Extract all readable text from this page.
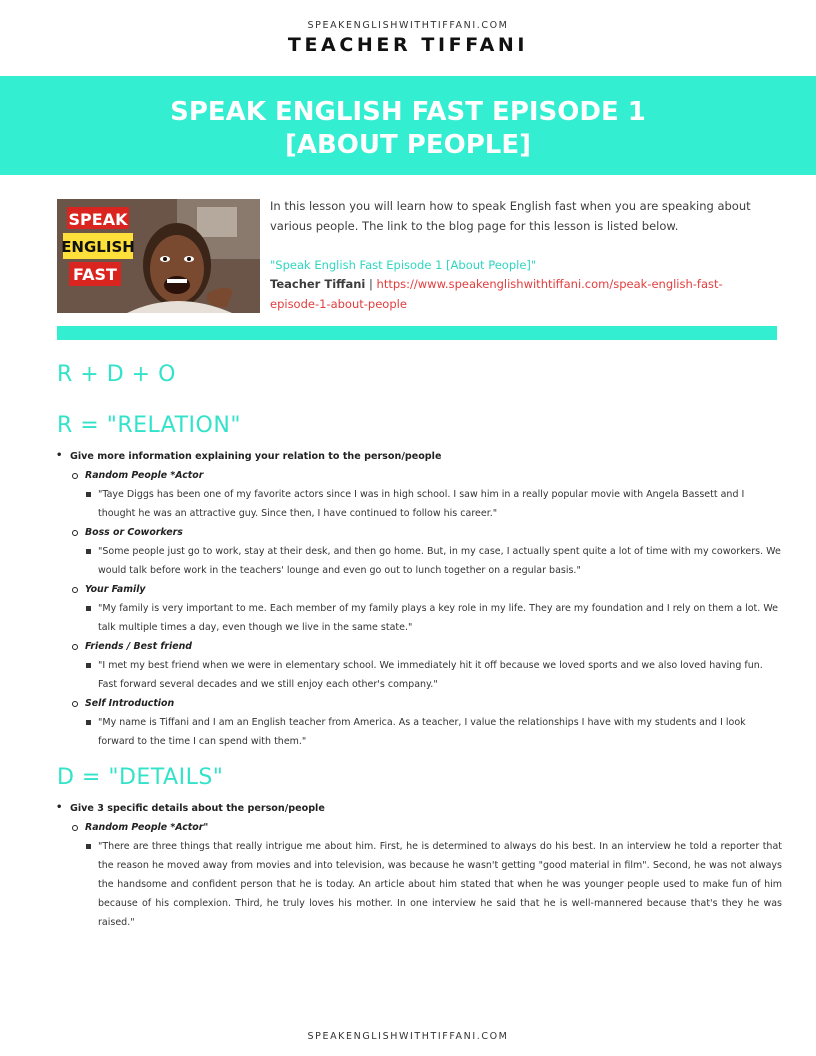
SPEAKENGLISHWITHTIFFANI.COM
TEACHER TIFFANI
SPEAK ENGLISH FAST EPISODE 1
[ABOUT PEOPLE]
SPEAK
ENGLISH
FAST

In this lesson you will learn how to speak English fast when you are speaking about various people. The link to the blog page for this lesson is listed below.

"Speak English Fast Episode 1 [About People]"

Teacher Tiffani | https://www.speakenglishwithtiffani.com/speak-english-fast-episode-1-about-people

R + D + O
R = "RELATION"
• Give more information explaining your relation to the person/people
Random People *Actor
"Taye Diggs has been one of my favorite actors since I was in high school. I saw him in a really popular movie with Angela Bassett and I thought he was an attractive guy. Since then, I have continued to follow his career."
Boss or Coworkers
"Some people just go to work, stay at their desk, and then go home. But, in my case, I actually spent quite a lot of time with my coworkers. We would talk before work in the teachers' lounge and even go out to lunch together on a regular basis."
Your Family
"My family is very important to me. Each member of my family plays a key role in my life. They are my foundation and I rely on them a lot. We talk multiple times a day, even though we live in the same state."
Friends / Best friend
"I met my best friend when we were in elementary school. We immediately hit it off because we loved sports and we also loved having fun. Fast forward several decades and we still enjoy each other's company."
Self Introduction
"My name is Tiffani and I am an English teacher from America. As a teacher, I value the relationships I have with my students and I look forward to the time I can spend with them."
D = "DETAILS"
• Give 3 specific details about the person/people
Random People *Actor"
"There are three things that really intrigue me about him. First, he is determined to always do his best. In an interview he told a reporter that the reason he moved away from movies and into television, was because he wasn't getting "good material in film". Second, he was not always the handsome and confident person that he is today. An article about him stated that when he was younger people used to make fun of him because of his complexion. Third, he truly loves his mother. In one interview he said that he is well-mannered because that's they he was raised."
SPEAKENGLISHWITHTIFFANI.COM
